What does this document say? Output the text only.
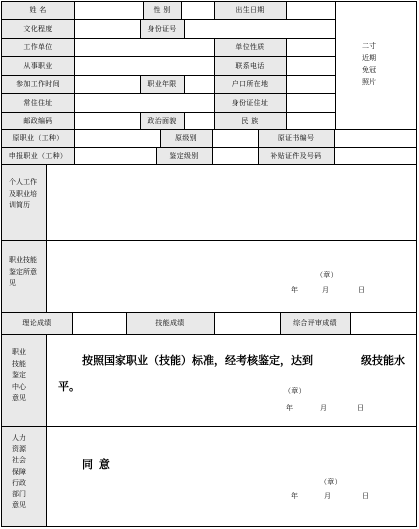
姓 名	性 别	出生日期
文化程度	身份证号
工作单位	单位性质
从事职业	联系电话
参加工作时间	职业年限	户口所在地
常住住址	身份证住址
邮政编码	政治面貌	民 族
二寸近期免冠照片
原职业（工种）	原级别	原证书编号
申报职业（工种）	鉴定级别	补贴证件及号码
个人工作及职业培训简历
职业技能鉴定所意见
（章）
年	月	日
理论成绩	技能成绩	综合评审成绩
职业技能鉴定中心意见
按照国家职业（技能）标准，经考核鉴定，达到	级技能水
平。	（章）
年	月	日
人力资源社会保障行政部门意见
同 意
（章）
年	月	日
